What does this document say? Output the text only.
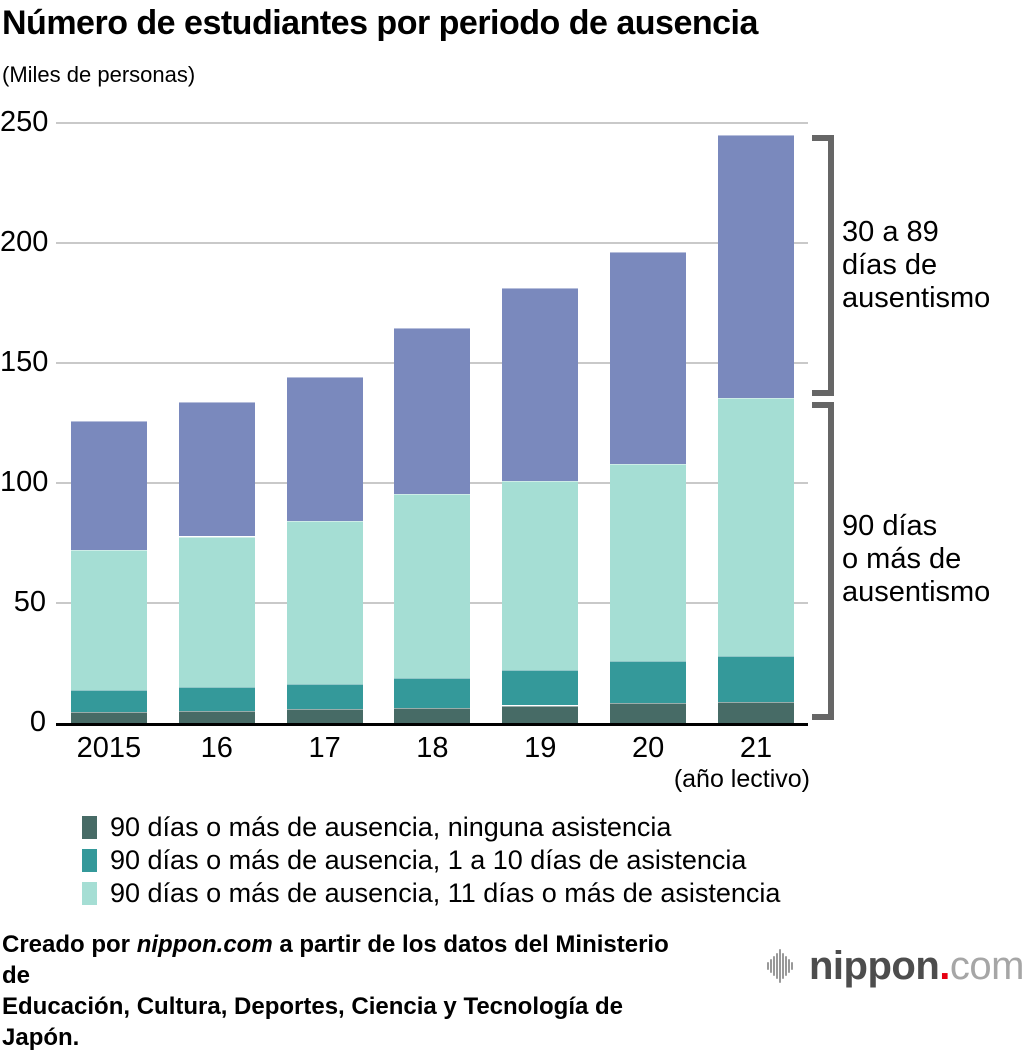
Número de estudiantes por periodo de ausencia
(Miles de personas)
0
50
100
150
200
250
2015	16	17	18	19	20	21
(año lectivo)
30 a 89
días de
ausentismo
90 días
o más de
ausentismo
90 días o más de ausencia, ninguna asistencia
90 días o más de ausencia, 1 a 10 días de asistencia
90 días o más de ausencia, 11 días o más de asistencia
Creado por nippon.com a partir de los datos del Ministerio de
Educación, Cultura, Deportes, Ciencia y Tecnología de Japón.
nippon.com
